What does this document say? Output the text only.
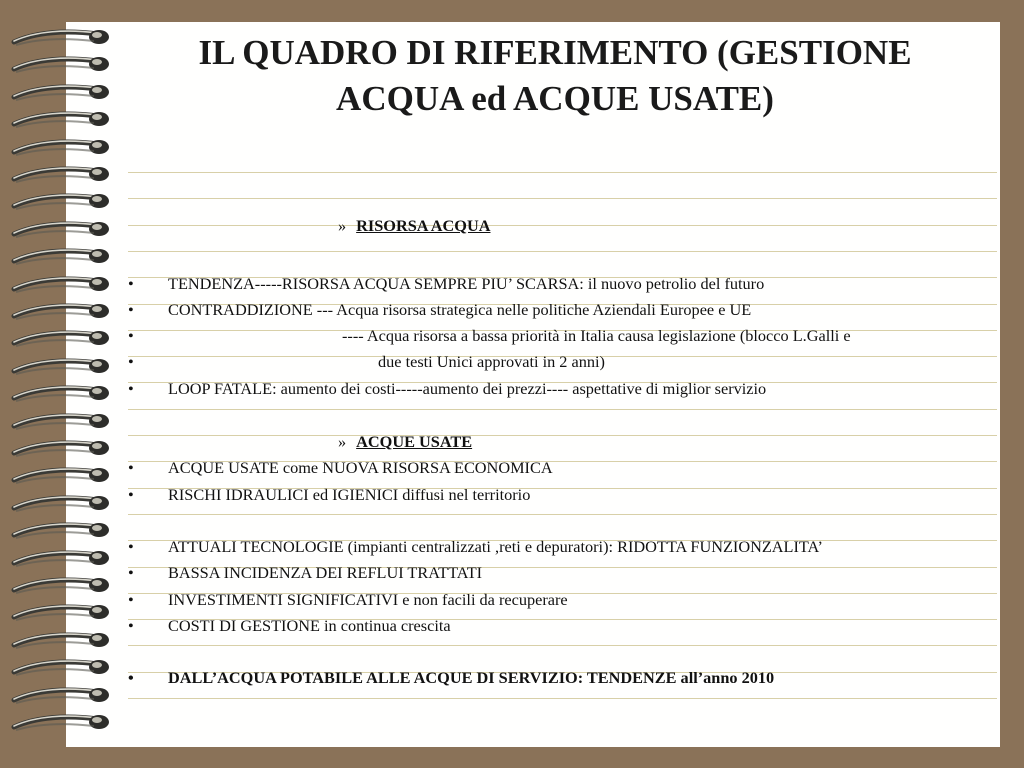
IL QUADRO DI RIFERIMENTO (GESTIONE
ACQUA ed ACQUE USATE)
» RISORSA ACQUA
• TENDENZA-----RISORSA ACQUA SEMPRE PIU’ SCARSA: il nuovo petrolio del futuro
• CONTRADDIZIONE --- Acqua risorsa strategica nelle politiche Aziendali Europee e UE
•	---- Acqua risorsa a bassa priorità in Italia causa legislazione (blocco L.Galli e
•	due testi Unici approvati in 2 anni)
• LOOP FATALE: aumento dei costi-----aumento dei prezzi---- aspettative di miglior servizio
» ACQUE USATE
• ACQUE USATE come NUOVA RISORSA ECONOMICA
• RISCHI IDRAULICI ed IGIENICI diffusi nel territorio
• ATTUALI TECNOLOGIE (impianti centralizzati ,reti e depuratori): RIDOTTA FUNZIONZALITA’
• BASSA INCIDENZA DEI REFLUI TRATTATI
• INVESTIMENTI SIGNIFICATIVI e non facili da recuperare
• COSTI DI GESTIONE in continua crescita
• DALL’ACQUA POTABILE ALLE ACQUE DI SERVIZIO: TENDENZE all’anno 2010
